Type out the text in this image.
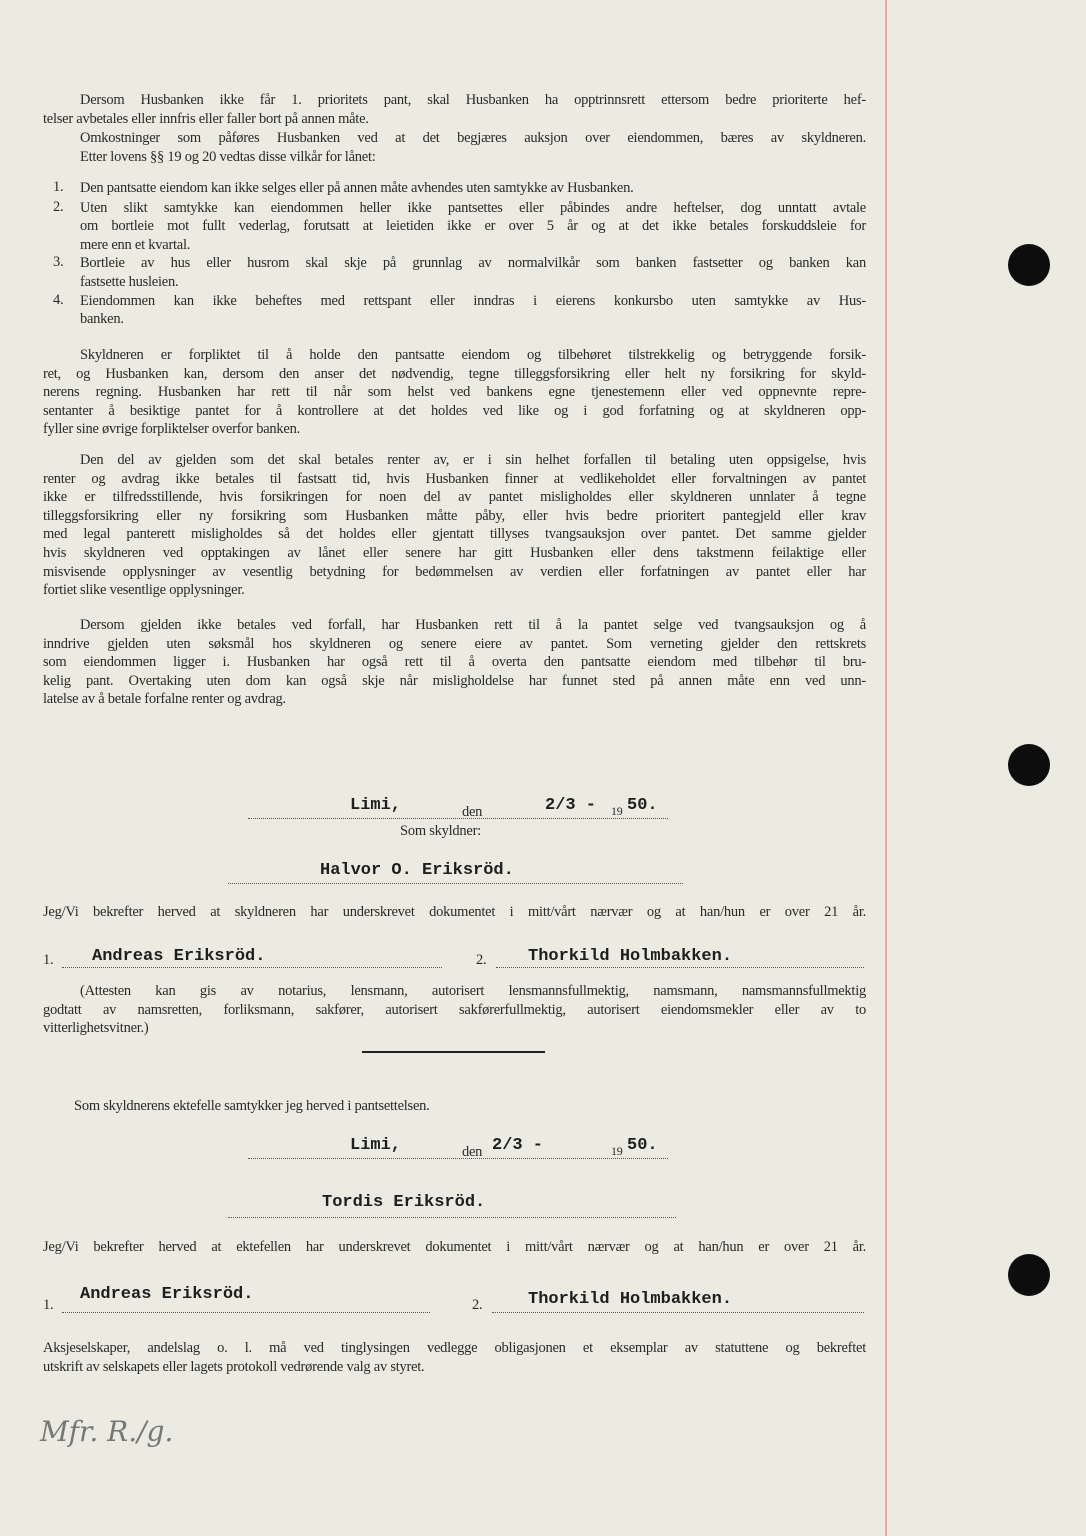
Dersom Husbanken ikke får 1. prioritets pant, skal Husbanken ha opptrinnsrett ettersom bedre prioriterte hef-
telser avbetales eller innfris eller faller bort på annen måte.
Omkostninger som påføres Husbanken ved at det begjæres auksjon over eiendommen, bæres av skyldneren.
Etter lovens §§ 19 og 20 vedtas disse vilkår for lånet:
1. Den pantsatte eiendom kan ikke selges eller på annen måte avhendes uten samtykke av Husbanken.
2. Uten slikt samtykke kan eiendommen heller ikke pantsettes eller påbindes andre heftelser, dog unntatt avtale
om bortleie mot fullt vederlag, forutsatt at leietiden ikke er over 5 år og at det ikke betales forskuddsleie for
mere enn et kvartal.
3. Bortleie av hus eller husrom skal skje på grunnlag av normalvilkår som banken fastsetter og banken kan
fastsette husleien.
4. Eiendommen kan ikke beheftes med rettspant eller inndras i eierens konkursbo uten samtykke av Hus-
banken.
Skyldneren er forpliktet til å holde den pantsatte eiendom og tilbehøret tilstrekkelig og betryggende forsik-
ret, og Husbanken kan, dersom den anser det nødvendig, tegne tilleggsforsikring eller helt ny forsikring for skyld-
nerens regning. Husbanken har rett til når som helst ved bankens egne tjenestemenn eller ved oppnevnte repre-
sentanter å besiktige pantet for å kontrollere at det holdes ved like og i god forfatning og at skyldneren opp-
fyller sine øvrige forpliktelser overfor banken.
Den del av gjelden som det skal betales renter av, er i sin helhet forfallen til betaling uten oppsigelse, hvis
renter og avdrag ikke betales til fastsatt tid, hvis Husbanken finner at vedlikeholdet eller forvaltningen av pantet
ikke er tilfredsstillende, hvis forsikringen for noen del av pantet misligholdes eller skyldneren unnlater å tegne
tilleggsforsikring eller ny forsikring som Husbanken måtte påby, eller hvis bedre prioritert pantegjeld eller krav
med legal panterett misligholdes så det holdes eller gjentatt tillyses tvangsauksjon over pantet. Det samme gjelder
hvis skyldneren ved opptakingen av lånet eller senere har gitt Husbanken eller dens takstmenn feilaktige eller
misvisende opplysninger av vesentlig betydning for bedømmelsen av verdien eller forfatningen av pantet eller har
fortiet slike vesentlige opplysninger.
Dersom gjelden ikke betales ved forfall, har Husbanken rett til å la pantet selge ved tvangsauksjon og å
inndrive gjelden uten søksmål hos skyldneren og senere eiere av pantet. Som verneting gjelder den rettskrets
som eiendommen ligger i. Husbanken har også rett til å overta den pantsatte eiendom med tilbehør til bru-
kelig pant. Overtaking uten dom kan også skje når misligholdelse har funnet sted på annen måte enn ved unn-
latelse av å betale forfalne renter og avdrag.
Limi,	den	2/3 - 19 50.
Som skyldner:
Halvor O. Eriksröd.
Jeg/Vi bekrefter herved at skyldneren har underskrevet dokumentet i mitt/vårt nærvær og at han/hun er over 21 år.
1. Andreas Eriksröd.	2. Thorkild Holmbakken.
(Attesten kan gis av notarius, lensmann, autorisert lensmannsfullmektig, namsmann, namsmannsfullmektig
godtatt av namsretten, forliksmann, sakfører, autorisert sakførerfullmektig, autorisert eiendomsmekler eller av to
vitterlighetsvitner.)
Som skyldnerens ektefelle samtykker jeg herved i pantsettelsen.
Limi,	den 2/3 -	19 50.
Tordis Eriksröd.
Jeg/Vi bekrefter herved at ektefellen har underskrevet dokumentet i mitt/vårt nærvær og at han/hun er over 21 år.
1.
Andreas Eriksröd.
2.	Thorkild Holmbakken.
Aksjeselskaper, andelslag o. l. må ved tinglysingen vedlegge obligasjonen et eksemplar av statuttene og bekreftet
utskrift av selskapets eller lagets protokoll vedrørende valg av styret.
Mfr. R./g.
